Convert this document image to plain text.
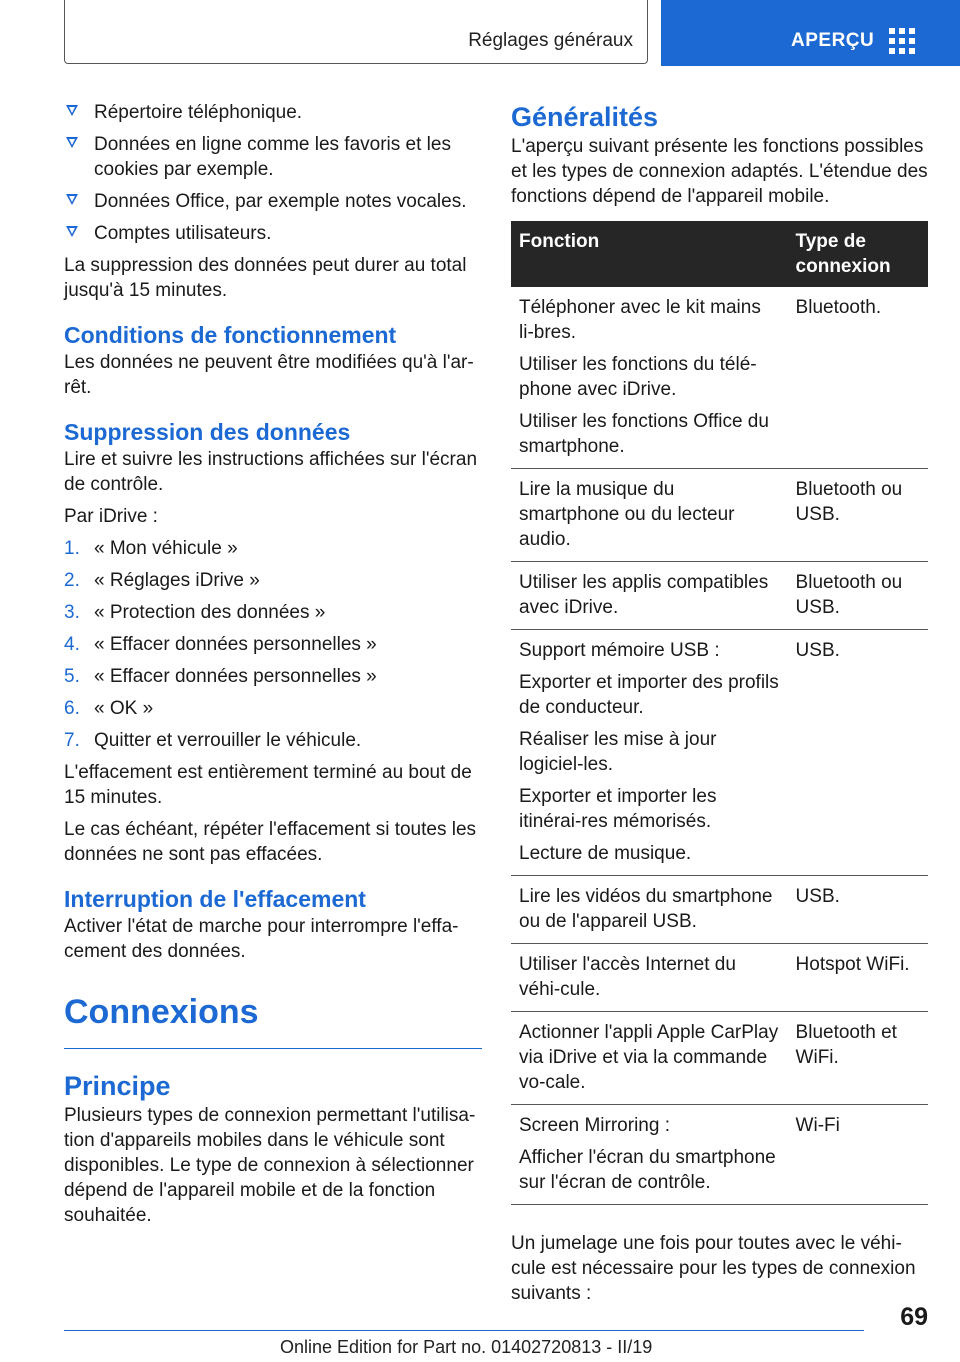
Réglages généraux	APERÇU
Répertoire téléphonique.
Données en ligne comme les favoris et les cookies par exemple.
Données Office, par exemple notes vocales.
Comptes utilisateurs.

La suppression des données peut durer au total jusqu'à 15 minutes.

Conditions de fonctionnement

Les données ne peuvent être modifiées qu'à l'ar-rêt.

Suppression des données

Lire et suivre les instructions affichées sur l'écran de contrôle.

Par iDrive :

1. « Mon véhicule »
2. « Réglages iDrive »
3. « Protection des données »
4. « Effacer données personnelles »
5. « Effacer données personnelles »
6. « OK »
7. Quitter et verrouiller le véhicule.

L'effacement est entièrement terminé au bout de 15 minutes.

Le cas échéant, répéter l'effacement si toutes les données ne sont pas effacées.

Interruption de l'effacement

Activer l'état de marche pour interrompre l'effa-cement des données.

Connexions
Principe

Plusieurs types de connexion permettant l'utilisa-tion d'appareils mobiles dans le véhicule sont disponibles. Le type de connexion à sélectionner dépend de l'appareil mobile et de la fonction souhaitée.

Généralités

L'aperçu suivant présente les fonctions possibles et les types de connexion adaptés. L'étendue des fonctions dépend de l'appareil mobile.

Fonction	Type de connexion

Téléphoner avec le kit mains li-bres.

Utiliser les fonctions du télé-phone avec iDrive.

Utiliser les fonctions Office du smartphone.	Bluetooth.

Lire la musique du smartphone ou du lecteur audio.	Bluetooth ou USB.

Utiliser les applis compatibles avec iDrive.	Bluetooth ou USB.

Support mémoire USB :

Exporter et importer des profils de conducteur.

Réaliser les mise à jour logiciel-les.

Exporter et importer les itinérai-res mémorisés.

Lecture de musique.	USB.

Lire les vidéos du smartphone ou de l'appareil USB.	USB.

Utiliser l'accès Internet du véhi-cule.	Hotspot WiFi.

Actionner l'appli Apple CarPlay via iDrive et via la commande vo-cale.	Bluetooth et WiFi.

Screen Mirroring :

Afficher l'écran du smartphone sur l'écran de contrôle.	Wi-Fi

Un jumelage une fois pour toutes avec le véhi-cule est nécessaire pour les types de connexion suivants :

69
Online Edition for Part no. 01402720813 - II/19
